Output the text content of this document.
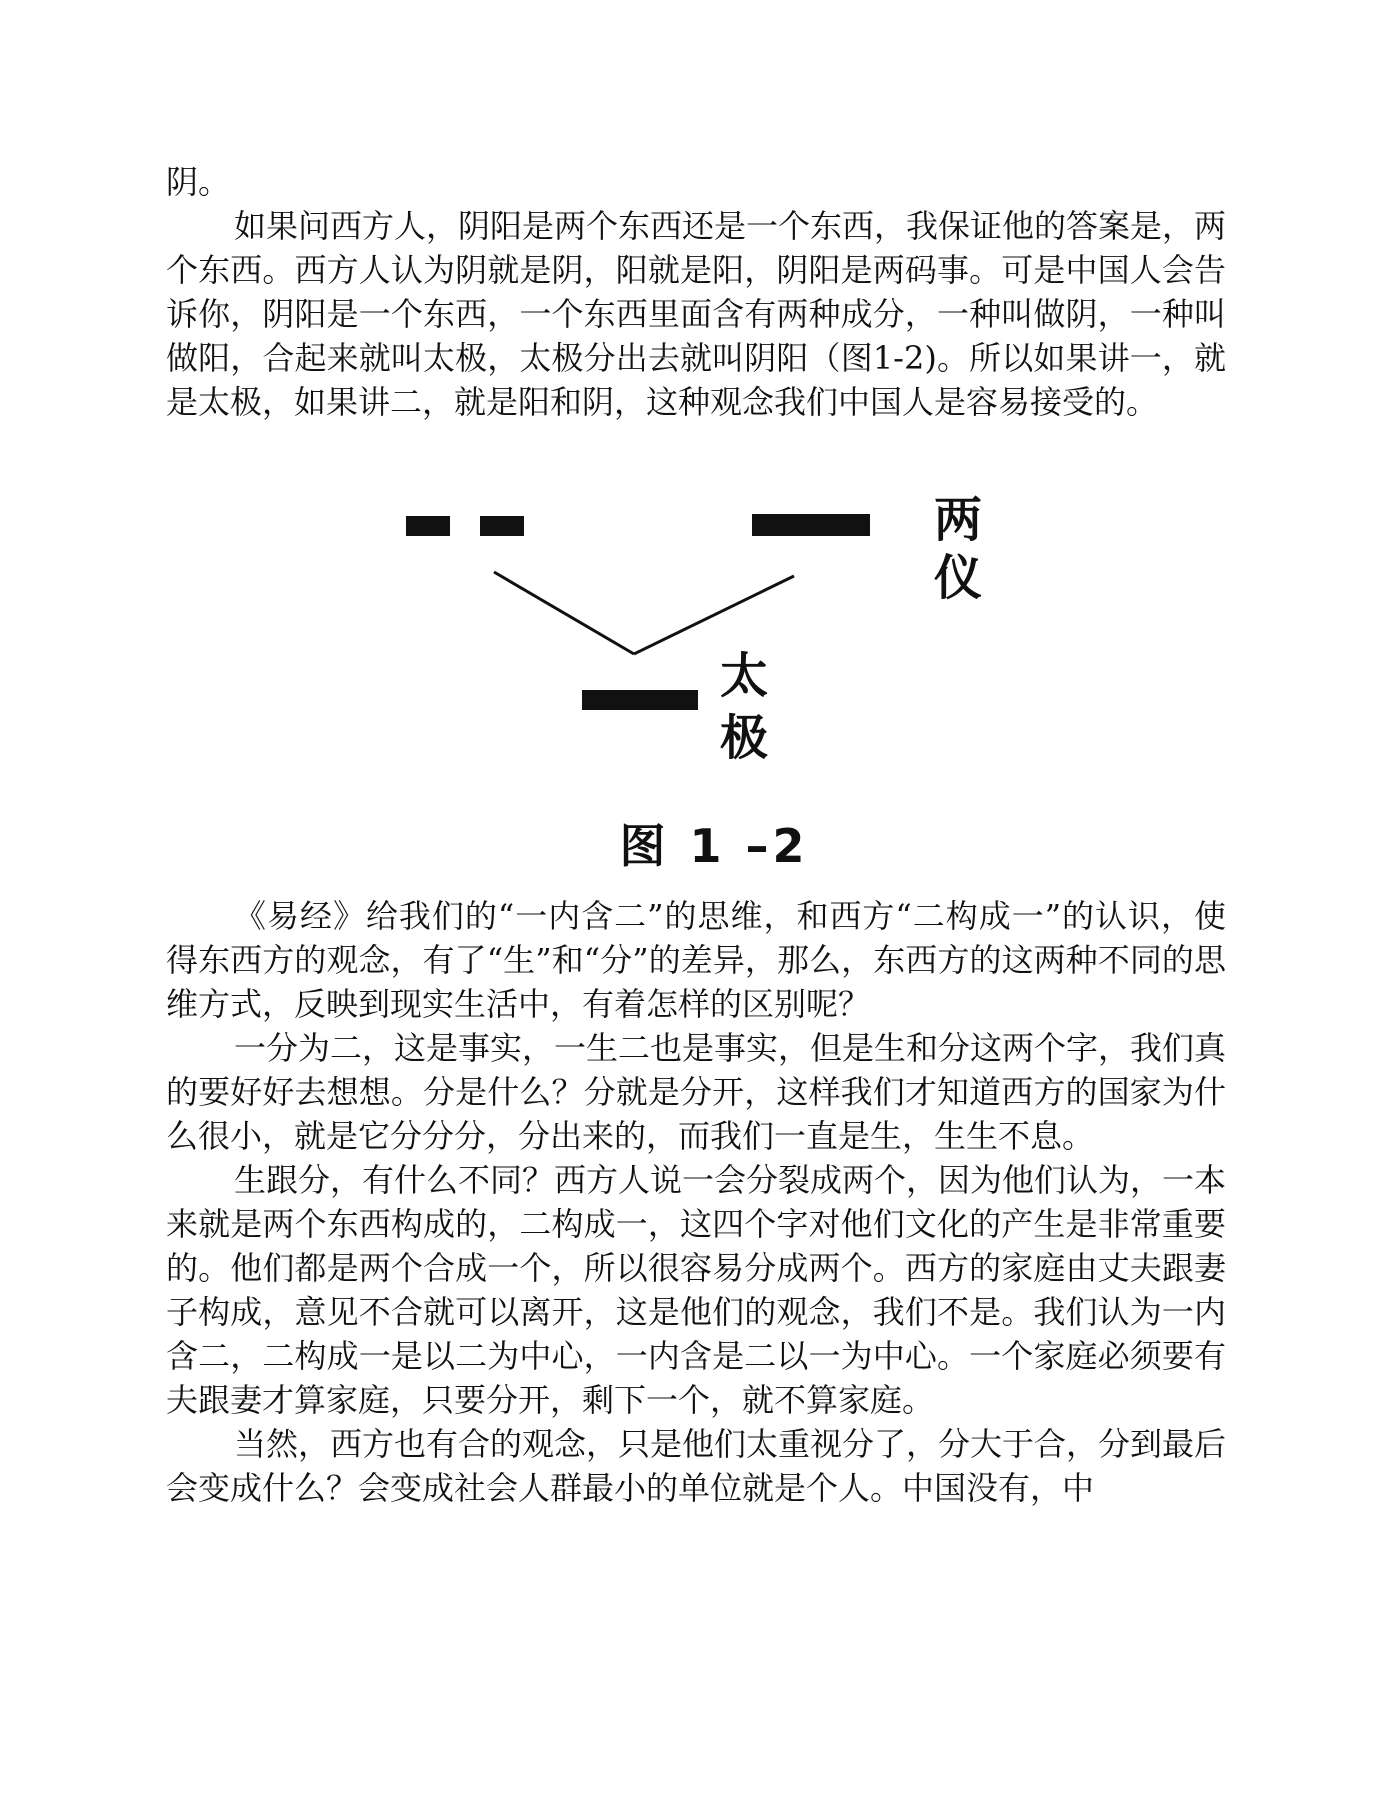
阴。

如果问西方人，阴阳是两个东西还是一个东西，我保证他的答案是，两个东西。西方人认为阴就是阴，阳就是阳，阴阳是两码事。可是中国人会告诉你，阴阳是一个东西，一个东西里面含有两种成分，一种叫做阴，一种叫做阳，合起来就叫太极，太极分出去就叫阴阳（图1-2)。所以如果讲一，就是太极，如果讲二，就是阳和阴，这种观念我们中国人是容易接受的。

两
仪
太
极
图 1 –2

《易经》给我们的“一内含二”的思维，和西方“二构成一”的认识，使得东西方的观念，有了“生”和“分”的差异，那么，东西方的这两种不同的思维方式，反映到现实生活中，有着怎样的区别呢？

一分为二，这是事实，一生二也是事实，但是生和分这两个字，我们真的要好好去想想。分是什么？分就是分开，这样我们才知道西方的国家为什么很小，就是它分分分，分出来的，而我们一直是生，生生不息。

生跟分，有什么不同？西方人说一会分裂成两个，因为他们认为，一本来就是两个东西构成的，二构成一，这四个字对他们文化的产生是非常重要的。他们都是两个合成一个，所以很容易分成两个。西方的家庭由丈夫跟妻子构成，意见不合就可以离开，这是他们的观念，我们不是。我们认为一内含二，二构成一是以二为中心，一内含是二以一为中心。一个家庭必须要有夫跟妻才算家庭，只要分开，剩下一个，就不算家庭。

当然，西方也有合的观念，只是他们太重视分了，分大于合，分到最后会变成什么？会变成社会人群最小的单位就是个人。中国没有，中
